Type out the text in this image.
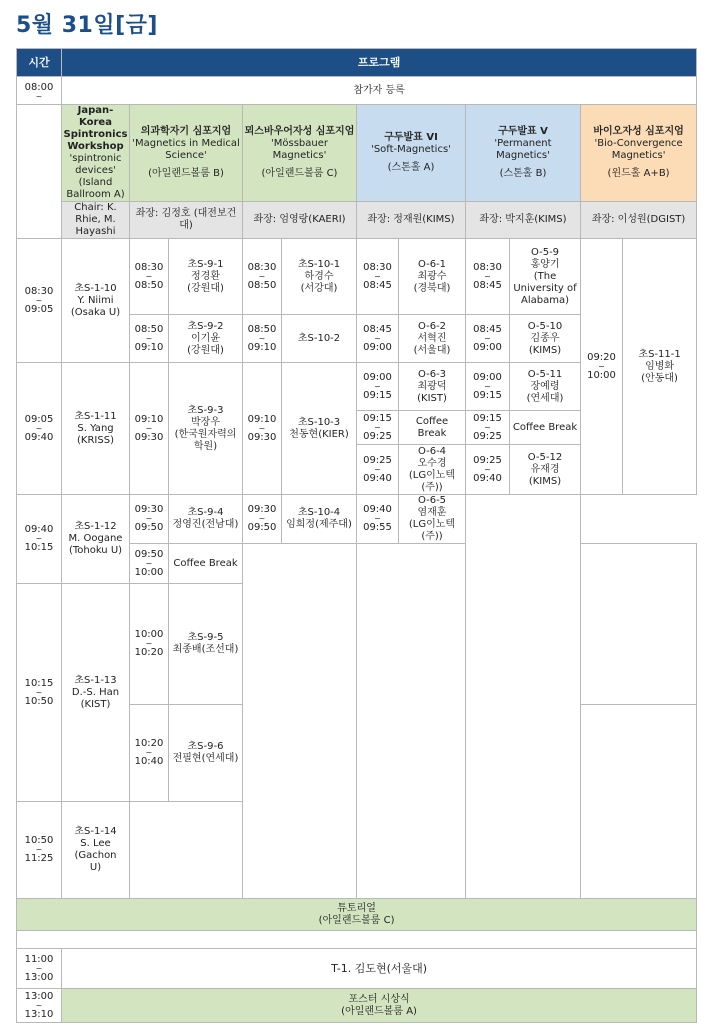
5월 31일[금]
시간	프로그램											
08:00
~	참가자 등록											

	Japan-Korea Spintronics Workshop
'spintronic devices'
(Island Ballroom A)	의과학자기 심포지엄
'Magnetics in Medical Science'
(아일랜드볼룸 B)		뫼스바우어자성 심포지엄
'Mössbauer Magnetics'
(아일랜드볼룸 C)		구두발표 VI
'Soft-Magnetics'
(스톤홀 A)		구두발표 V
'Permanent Magnetics'
(스톤홀 B)		바이오자성 심포지엄
'Bio-Convergence Magnetics'
(윈드홀 A+B)		

	Chair: K. Rhie, M. Hayashi	좌장: 김정호 (대전보건대)		좌장: 엄영랑(KAERI)		좌장: 정재원(KIMS)		좌장: 박지훈(KIMS)		좌장: 이성원(DGIST)		
08:30
~
09:05	초S-1-10
Y. Niimi
(Osaka U)	08:30
~
08:50	초S-9-1
정경환
(강원대)	08:30
~
08:50	초S-10-1
하경수
(서강대)	08:30
~
08:45	O-6-1
최광수
(경북대)	08:30
~
08:45	O-5-9
홍양기
(The University of Alabama)	09:20
~
10:00	초S-11-1
임병화
(안동대)	

		08:50
~
09:10	초S-9-2
이기윤
(강원대)	08:50
~
09:10	초S-10-2	08:45
~
09:00	O-6-2
서혁진
(서울대)	08:45
~
09:00	O-5-10
김종우
(KIMS)			

09:05
~
09:40	초S-1-11
S. Yang
(KRISS)	09:10
~
09:30	초S-9-3
박장우
(한국원자력의학원)	09:10
~
09:30	초S-10-3
천동현(KIER)	09:00
~
09:15	O-6-3
최광덕
(KIST)	09:00
~
09:15	O-5-11
장예령
(연세대)			

						09:15
~
09:25	Coffee Break	09:15
~
09:25	Coffee Break			
						09:25
~
09:40	O-6-4
오수경
(LG이노텍(주))	09:25
~
09:40	O-5-12
유재경
(KIMS)			

09:40
~
10:15	초S-1-12
M. Oogane
(Tohoku U)	09:30
~
09:50	초S-9-4
정영진(전남대)	09:30
~
09:50	초S-10-4
임희정(제주대)	09:40
~
09:55	O-6-5
염재훈
(LG이노텍(주))					

		09:50
~
10:00	Coffee Break									
10:15
~
10:50	초S-1-13
D.-S. Han
(KIST)	10:00
~
10:20	초S-9-5
최종배(조선대)

		10:20
~
10:40	초S-9-6
전필현(연세대)

10:50
~
11:25	초S-1-14
S. Lee (Gachon
U)

튜토리얼
(아일랜드볼룸 C)												

11:00
~
13:00	T-1. 김도현(서울대)											
13:00
~
13:10	포스터 시상식
(아일랜드볼룸 A)											
